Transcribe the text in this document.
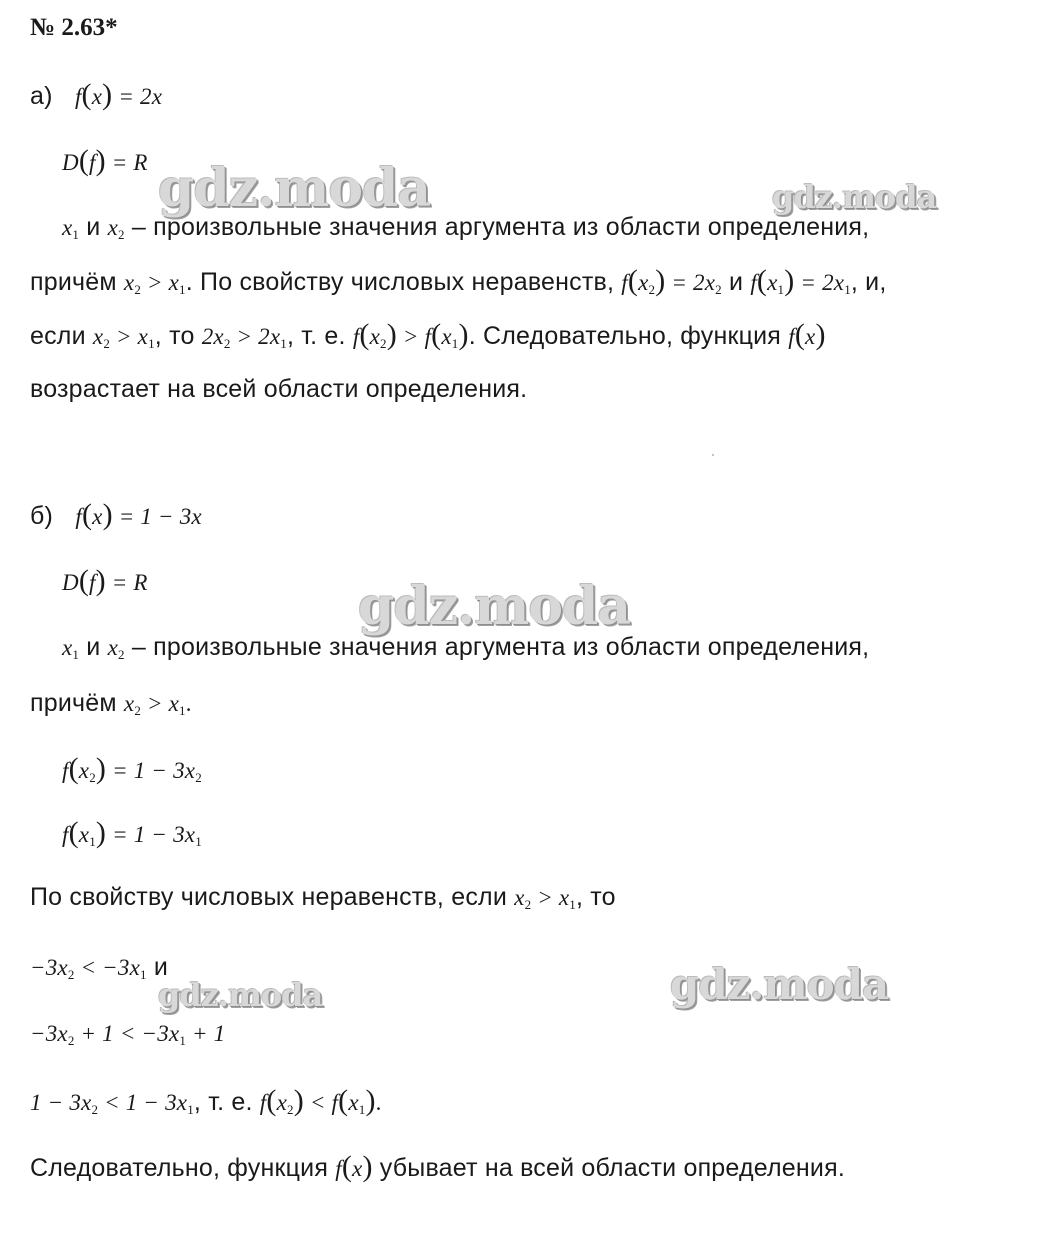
№ 2.63*
а) f(x) = 2x
D(f) = R
$x_1$ и $x_2$ – произвольные значения аргумента из области определения,
причём $x_2 > x_1$. По свойству числовых неравенств, $f(x_2) = 2x_2$ и $f(x_1) = 2x_1$, и,
если $x_2 > x_1$, то $2x_2 > 2x_1$, т. е. $f(x_2) > f(x_1)$. Следовательно, функция f(x)
возрастает на всей области определения.
б) f(x) = 1 − 3x
D(f) = R
$x_1$ и $x_2$ – произвольные значения аргумента из области определения,
причём $x_2 > x_1$.
$f(x_2) = 1 - 3x_2$
$f(x_1) = 1 - 3x_1$
По свойству числовых неравенств, если $x_2 > x_1$, то
$-3x_2 < -3x_1$ и
$-3x_2 + 1 < -3x_1 + 1$
$1 - 3x_2 < 1 - 3x_1$, т. е. $f(x_2) < f(x_1)$.
Следовательно, функция f(x) убывает на всей области определения.
gdz.moda	gdz.moda
gdz.moda
gdz.moda	gdz.moda
